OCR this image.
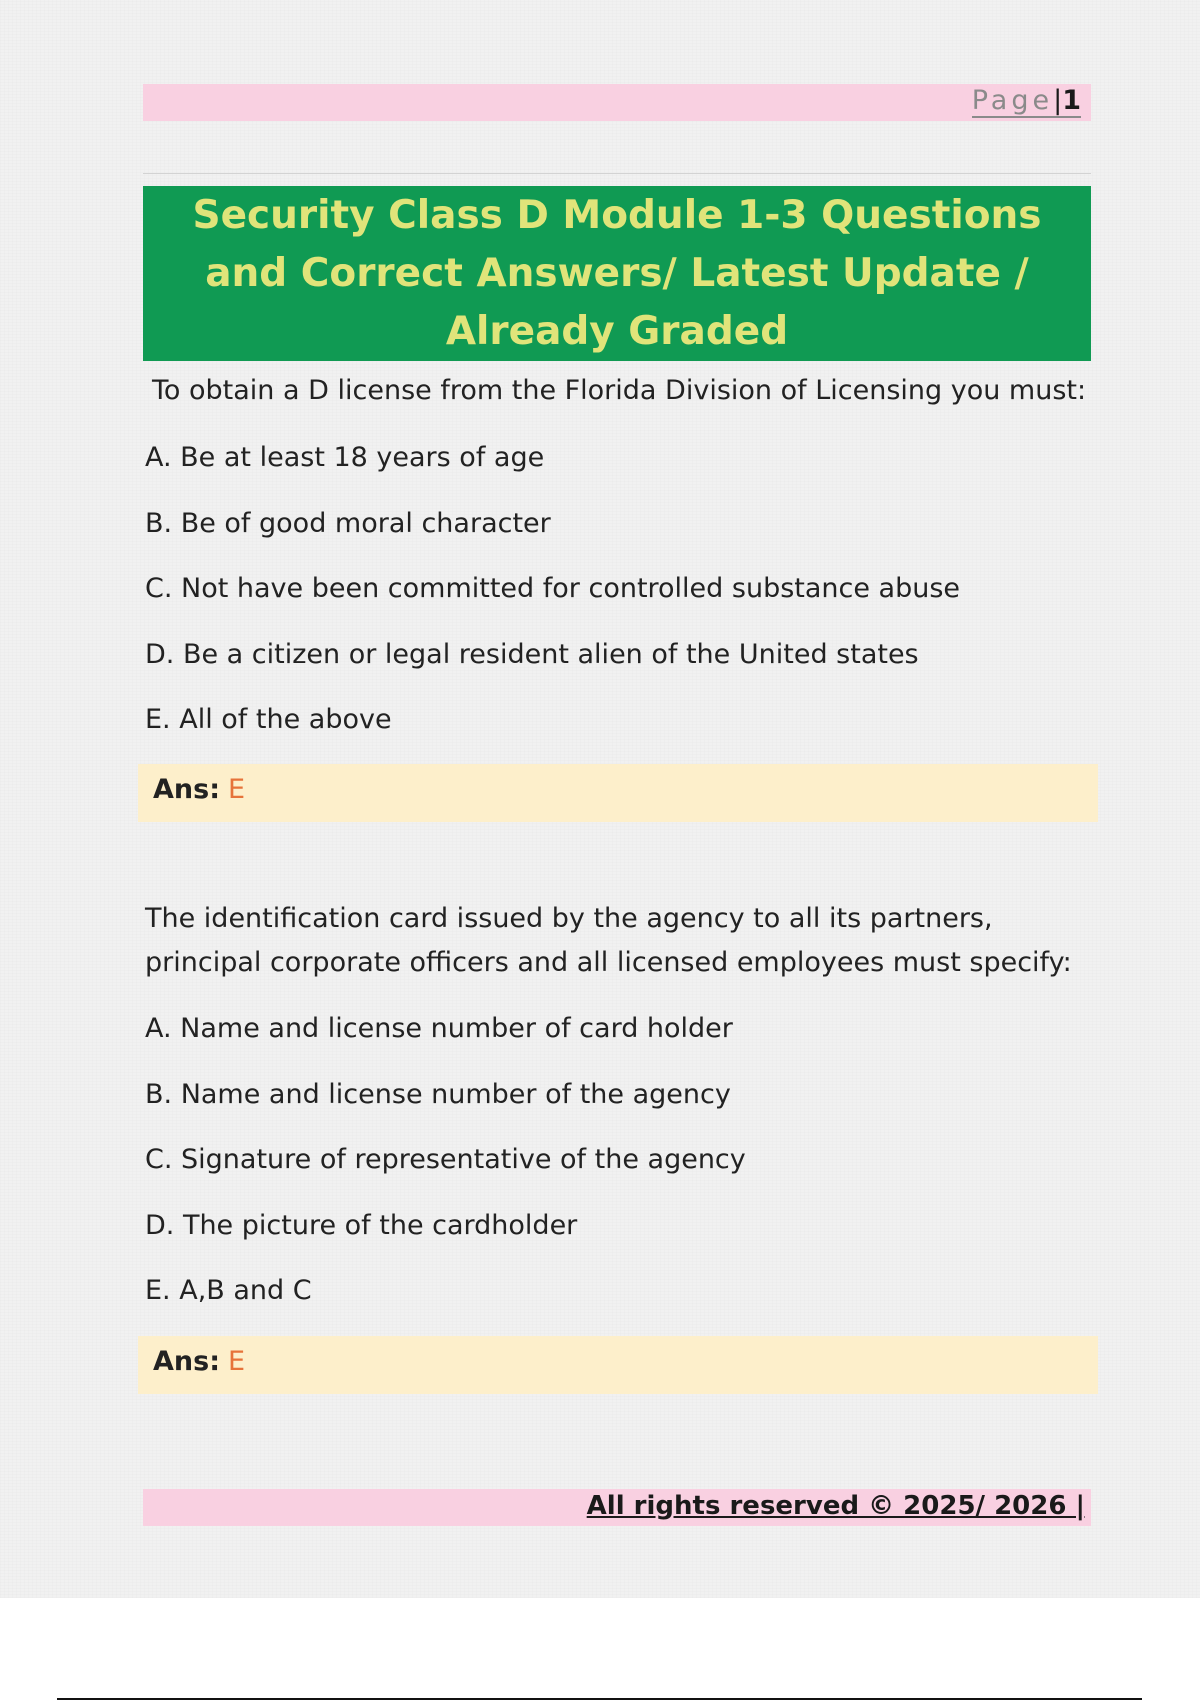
Page|1
Security Class D Module 1-3 Questions and Correct Answers/ Latest Update / Already Graded
To obtain a D license from the Florida Division of Licensing you must:
A. Be at least 18 years of age
B. Be of good moral character
C. Not have been committed for controlled substance abuse
D. Be a citizen or legal resident alien of the United states
E. All of the above
Ans: E
The identification card issued by the agency to all its partners, principal corporate officers and all licensed employees must specify:
A. Name and license number of card holder
B. Name and license number of the agency
C. Signature of representative of the agency
D. The picture of the cardholder
E. A,B and C
Ans: E
All rights reserved © 2025/ 2026 |
